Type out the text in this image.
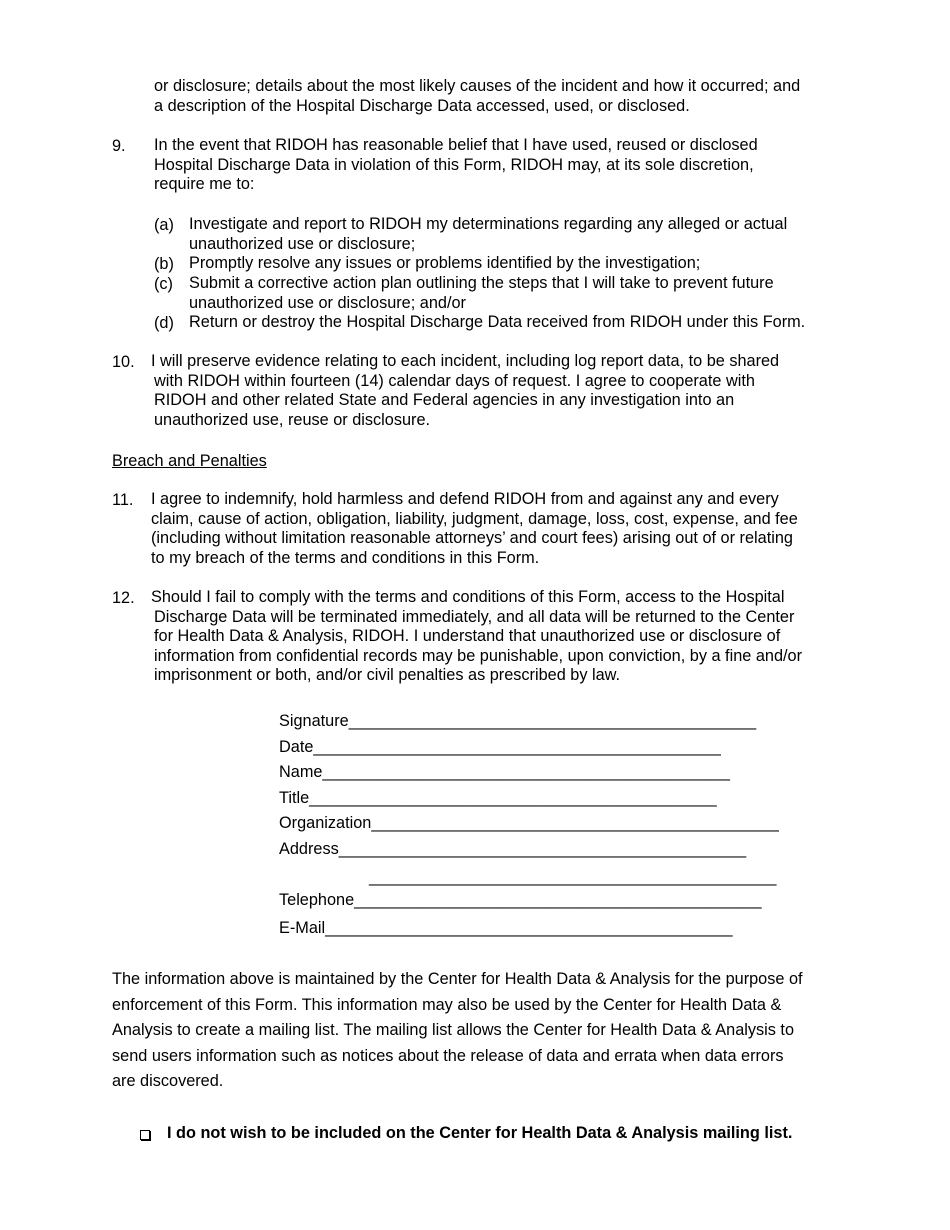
or disclosure; details about the most likely causes of the incident and how it occurred; and
a description of the Hospital Discharge Data accessed, used, or disclosed.
9. In the event that RIDOH has reasonable belief that I have used, reused or disclosed
Hospital Discharge Data in violation of this Form, RIDOH may, at its sole discretion,
require me to:
(a) Investigate and report to RIDOH my determinations regarding any alleged or actual
unauthorized use or disclosure;
(b) Promptly resolve any issues or problems identified by the investigation;
(c) Submit a corrective action plan outlining the steps that I will take to prevent future
unauthorized use or disclosure; and/or
(d) Return or destroy the Hospital Discharge Data received from RIDOH under this Form.
10. I will preserve evidence relating to each incident, including log report data, to be shared
with RIDOH within fourteen (14) calendar days of request. I agree to cooperate with
RIDOH and other related State and Federal agencies in any investigation into an
unauthorized use, reuse or disclosure.
Breach and Penalties
11. I agree to indemnify, hold harmless and defend RIDOH from and against any and every
claim, cause of action, obligation, liability, judgment, damage, loss, cost, expense, and fee
(including without limitation reasonable attorneys’ and court fees) arising out of or relating
to my breach of the terms and conditions in this Form.
12. Should I fail to comply with the terms and conditions of this Form, access to the Hospital
Discharge Data will be terminated immediately, and all data will be returned to the Center
for Health Data & Analysis, RIDOH. I understand that unauthorized use or disclosure of
information from confidential records may be punishable, upon conviction, by a fine and/or
imprisonment or both, and/or civil penalties as prescribed by law.
Signature_____________________________________________
Date_____________________________________________
Name_____________________________________________
Title_____________________________________________
Organization_____________________________________________
Address_____________________________________________
_____________________________________________
Telephone_____________________________________________
E-Mail_____________________________________________
The information above is maintained by the Center for Health Data & Analysis for the purpose of
enforcement of this Form. This information may also be used by the Center for Health Data &
Analysis to create a mailing list. The mailing list allows the Center for Health Data & Analysis to
send users information such as notices about the release of data and errata when data errors
are discovered.
I do not wish to be included on the Center for Health Data & Analysis mailing list.
